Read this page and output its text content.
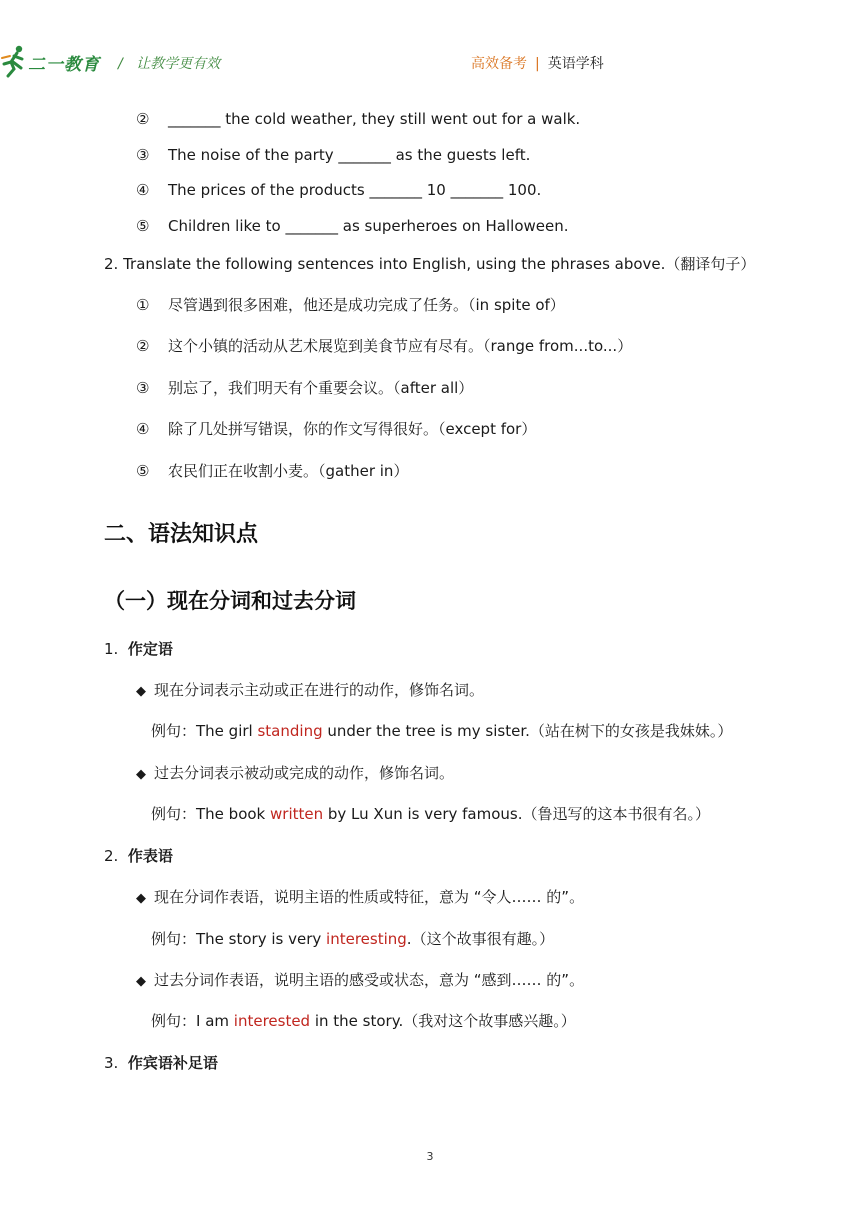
二一教育 / 让教学更有效	高效备考 | 英语学科
② _______ the cold weather, they still went out for a walk.
③ The noise of the party _______ as the guests left.
④ The prices of the products _______ 10 _______ 100.
⑤ Children like to _______ as superheroes on Halloween.
2. Translate the following sentences into English, using the phrases above.（翻译句子）
① 尽管遇到很多困难，他还是成功完成了任务。（in spite of）
② 这个小镇的活动从艺术展览到美食节应有尽有。（range from...to...）
③ 别忘了，我们明天有个重要会议。（after all）
④ 除了几处拼写错误，你的作文写得很好。（except for）
⑤ 农民们正在收割小麦。（gather in）
二、语法知识点
（一）现在分词和过去分词
1. 作定语
◆ 现在分词表示主动或正在进行的动作，修饰名词。
例句：The girl standing under the tree is my sister.（站在树下的女孩是我妹妹。）
◆ 过去分词表示被动或完成的动作，修饰名词。
例句：The book written by Lu Xun is very famous.（鲁迅写的这本书很有名。）
2. 作表语
◆ 现在分词作表语，说明主语的性质或特征，意为 “令人…… 的”。
例句：The story is very interesting.（这个故事很有趣。）
◆ 过去分词作表语，说明主语的感受或状态，意为 “感到…… 的”。
例句：I am interested in the story.（我对这个故事感兴趣。）
3. 作宾语补足语
3
